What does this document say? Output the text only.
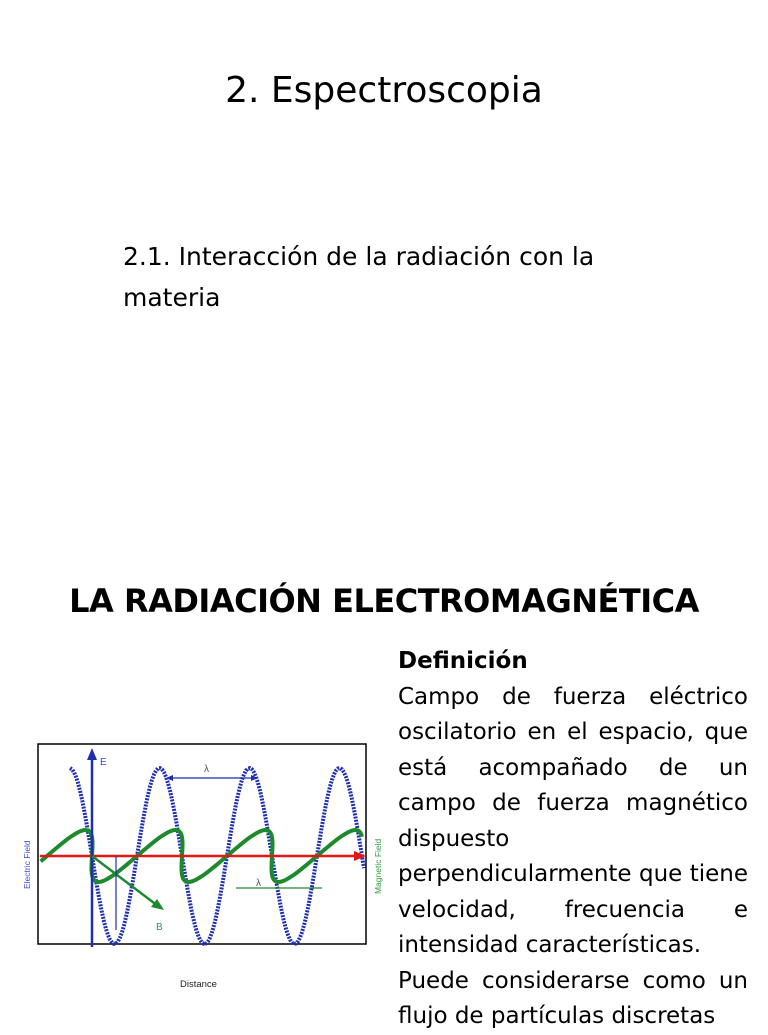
2. Espectroscopia

2.1. Interacción de la radiación con la materia

LA RADIACIÓN ELECTROMAGNÉTICA
E
B
λ
λ
Electric Field	Magnetic Field
Distance
Definición
Campo de fuerza eléctrico oscilatorio en el espacio, que está acompañado de un campo de fuerza magnético dispuesto perpendicularmente que tiene velocidad, frecuencia e intensidad características.
Puede considerarse como un flujo de partículas discretas
